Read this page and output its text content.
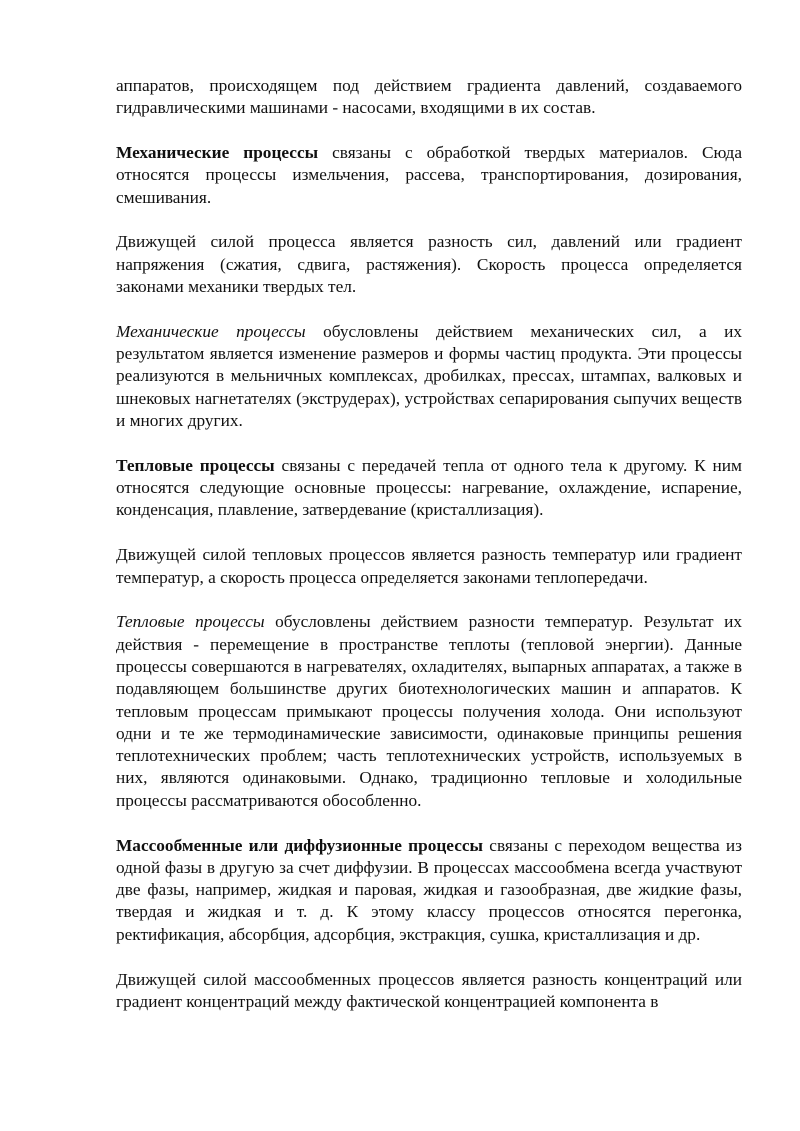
аппаратов, происходящем под действием градиента давлений, создаваемого гидравлическими машинами - насосами, входящими в их состав.

Механические процессы связаны с обработкой твердых материалов. Сюда относятся процессы измельчения, рассева, транспортирования, дозирования, смешивания.

Движущей силой процесса является разность сил, давлений или градиент напряжения (сжатия, сдвига, растяжения). Скорость процесса определяется законами механики твердых тел.

Механические процессы обусловлены действием механических сил, а их результатом является изменение размеров и формы частиц продукта. Эти процессы реализуются в мельничных комплексах, дробилках, прессах, штампах, валковых и шнековых нагнетателях (экструдерах), устройствах сепарирования сыпучих веществ и многих других.

Тепловые процессы связаны с передачей тепла от одного тела к другому. К ним относятся следующие основные процессы: нагревание, охлаждение, испарение, конденсация, плавление, затвердевание (кристаллизация).

Движущей силой тепловых процессов является разность температур или градиент температур, а скорость процесса определяется законами теплопередачи.

Тепловые процессы обусловлены действием разности температур. Результат их действия - перемещение в пространстве теплоты (тепловой энергии). Данные процессы совершаются в нагревателях, охладителях, выпарных аппаратах, а также в подавляющем большинстве других биотехнологических машин и аппаратов. К тепловым процессам примыкают процессы получения холода. Они используют одни и те же термодинамические зависимости, одинаковые принципы решения теплотехнических проблем; часть теплотехнических устройств, используемых в них, являются одинаковыми. Однако, традиционно тепловые и холодильные процессы рассматриваются обособленно.

Массообменные или диффузионные процессы связаны с переходом вещества из одной фазы в другую за счет диффузии. В процессах массообмена всегда участвуют две фазы, например, жидкая и паровая, жидкая и газообразная, две жидкие фазы, твердая и жидкая и т. д. К этому классу процессов относятся перегонка, ректификация, абсорбция, адсорбция, экстракция, сушка, кристаллизация и др.

Движущей силой массообменных процессов является разность концентраций или градиент концентраций между фактической концентрацией компонента в
